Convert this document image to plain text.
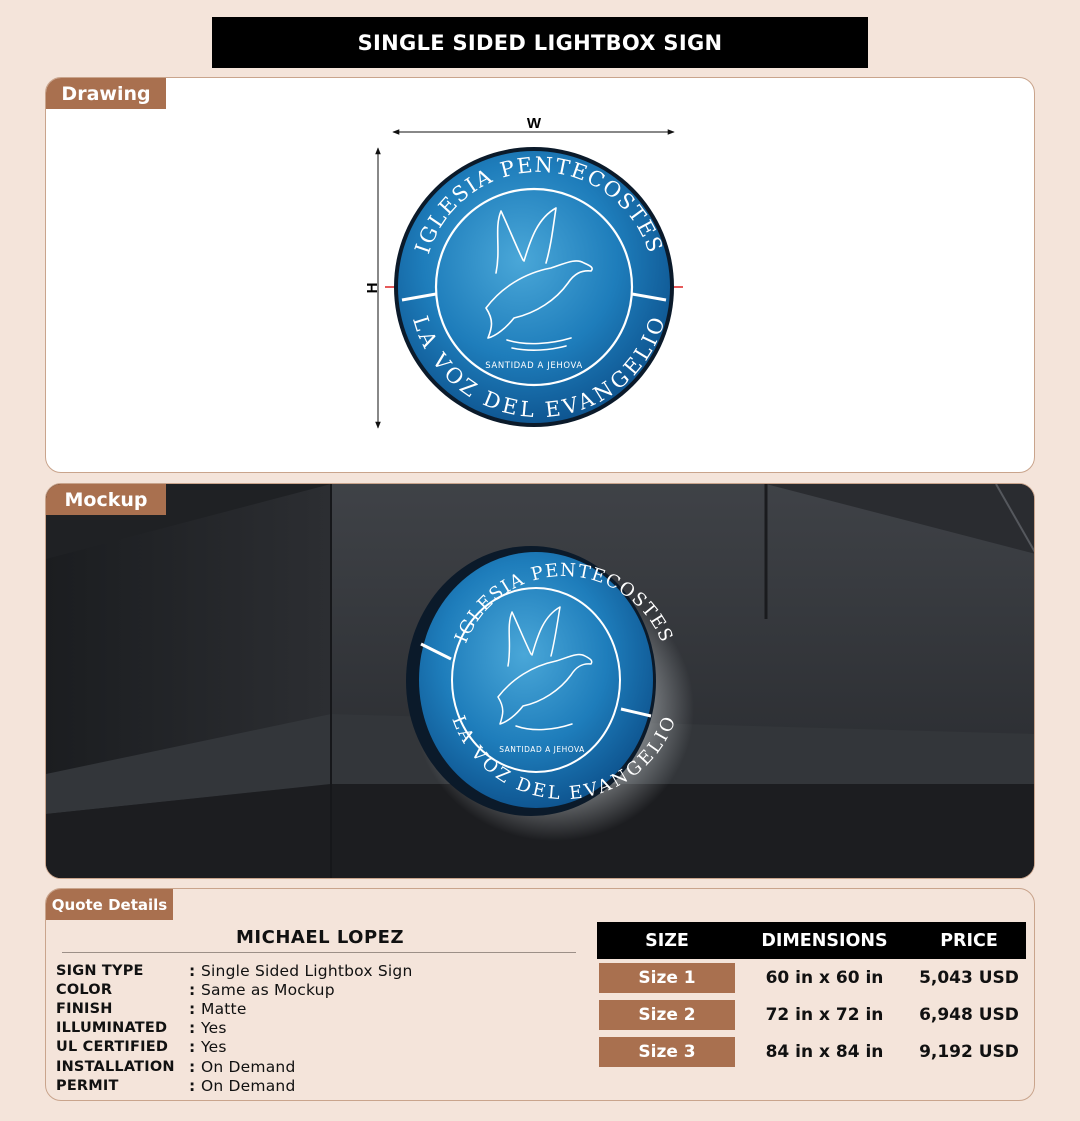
SINGLE SIDED LIGHTBOX SIGN
Drawing
W
H
IGLESIA PENTECOSTES
LA VOZ DEL EVANGELIO
SANTIDAD A JEHOVA
Mockup
IGLESIA PENTECOSTES
LA VOZ DEL EVANGELIO
SANTIDAD A JEHOVA
Quote Details
MICHAEL LOPEZ
SIGN TYPE	: Single Sided Lightbox Sign
COLOR	: Same as Mockup
FINISH	: Matte
ILLUMINATED	: Yes
UL CERTIFIED	: Yes
INSTALLATION : On Demand
PERMIT	: On Demand
SIZE	DIMENSIONS	PRICE
Size 1	60 in x 60 in	5,043 USD
Size 2	72 in x 72 in	6,948 USD
Size 3	84 in x 84 in	9,192 USD
